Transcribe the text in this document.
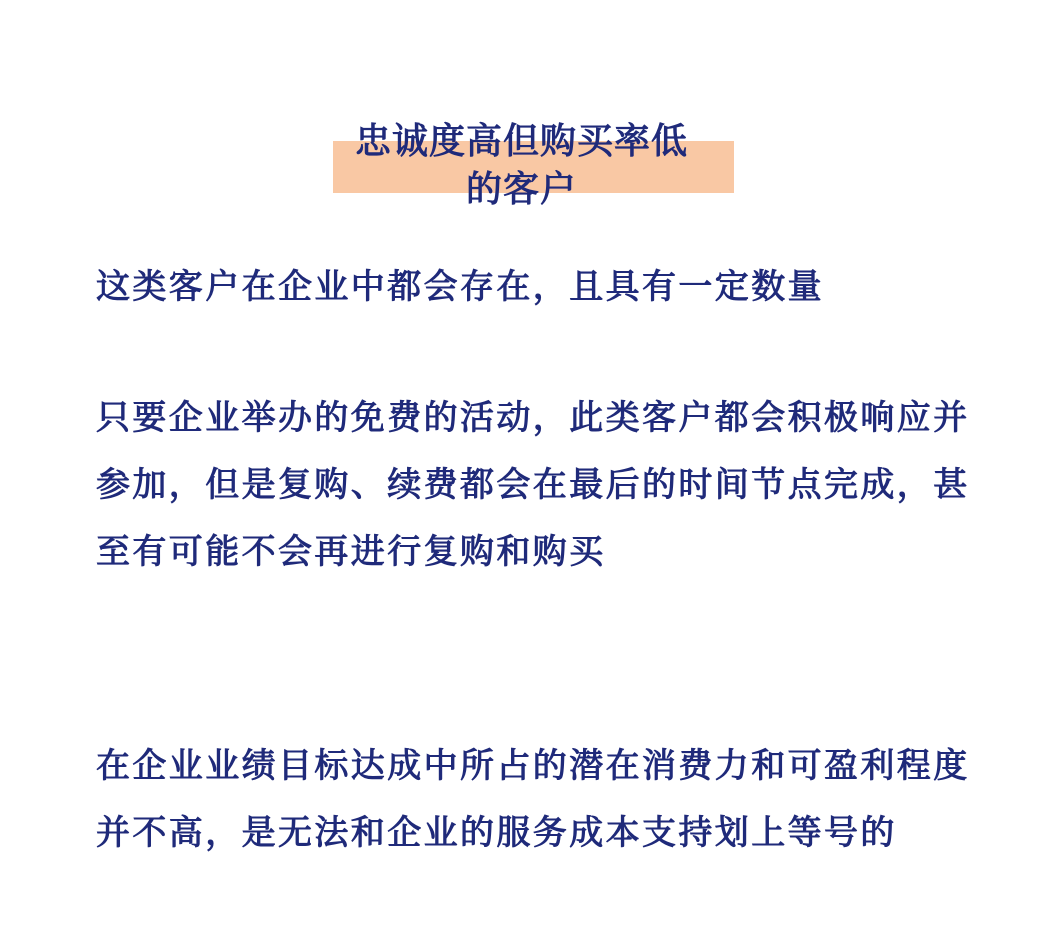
忠诚度高但购买率低
的客户

这类客户在企业中都会存在，且具有一定数量

只要企业举办的免费的活动，此类客户都会积极响应并参加，但是复购、续费都会在最后的时间节点完成，甚至有可能不会再进行复购和购买

在企业业绩目标达成中所占的潜在消费力和可盈利程度并不高，是无法和企业的服务成本支持划上等号的
